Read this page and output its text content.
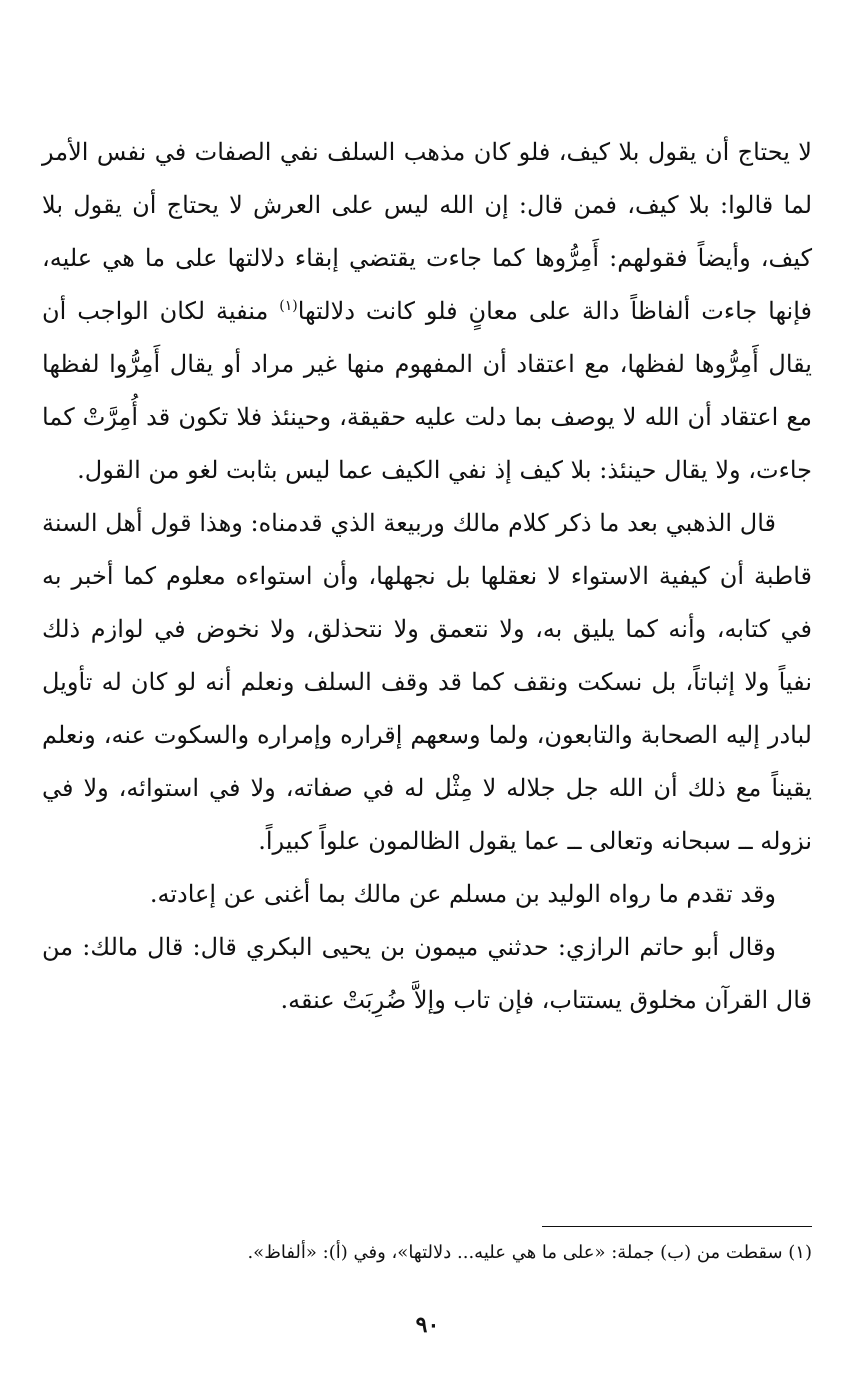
لا يحتاج أن يقول بلا كيف، فلو كان مذهب السلف نفي الصفات في نفس الأمر لما قالوا: بلا كيف، فمن قال: إن الله ليس على العرش لا يحتاج أن يقول بلا كيف، وأيضاً فقولهم: أَمِرُّوها كما جاءت يقتضي إبقاء دلالتها على ما هي عليه، فإنها جاءت ألفاظاً دالة على معانٍ فلو كانت دلالتها$^{(١)}$ منفية لكان الواجب أن يقال أَمِرُّوها لفظها، مع اعتقاد أن المفهوم منها غير مراد أو يقال أَمِرُّوا لفظها مع اعتقاد أن الله لا يوصف بما دلت عليه حقيقة، وحينئذ فلا تكون قد أُمِرَّتْ كما جاءت، ولا يقال حينئذ: بلا كيف إذ نفي الكيف عما ليس بثابت لغو من القول.

قال الذهبي بعد ما ذكر كلام مالك وربيعة الذي قدمناه: وهذا قول أهل السنة قاطبة أن كيفية الاستواء لا نعقلها بل نجهلها، وأن استواءه معلوم كما أخبر به في كتابه، وأنه كما يليق به، ولا نتعمق ولا نتحذلق، ولا نخوض في لوازم ذلك نفياً ولا إثباتاً، بل نسكت ونقف كما قد وقف السلف ونعلم أنه لو كان له تأويل لبادر إليه الصحابة والتابعون، ولما وسعهم إقراره وإمراره والسكوت عنه، ونعلم يقيناً مع ذلك أن الله جل جلاله لا مِثْل له في صفاته، ولا في استوائه، ولا في نزوله ــ سبحانه وتعالى ــ عما يقول الظالمون علواً كبيراً.

وقد تقدم ما رواه الوليد بن مسلم عن مالك بما أغنى عن إعادته.

وقال أبو حاتم الرازي: حدثني ميمون بن يحيى البكري قال: قال مالك: من قال القرآن مخلوق يستتاب، فإن تاب وإلاَّ ضُرِبَتْ عنقه.

(١) سقطت من (ب) جملة: «على ما هي عليه... دلالتها»، وفي (أ): «ألفاظ».
٩٠
